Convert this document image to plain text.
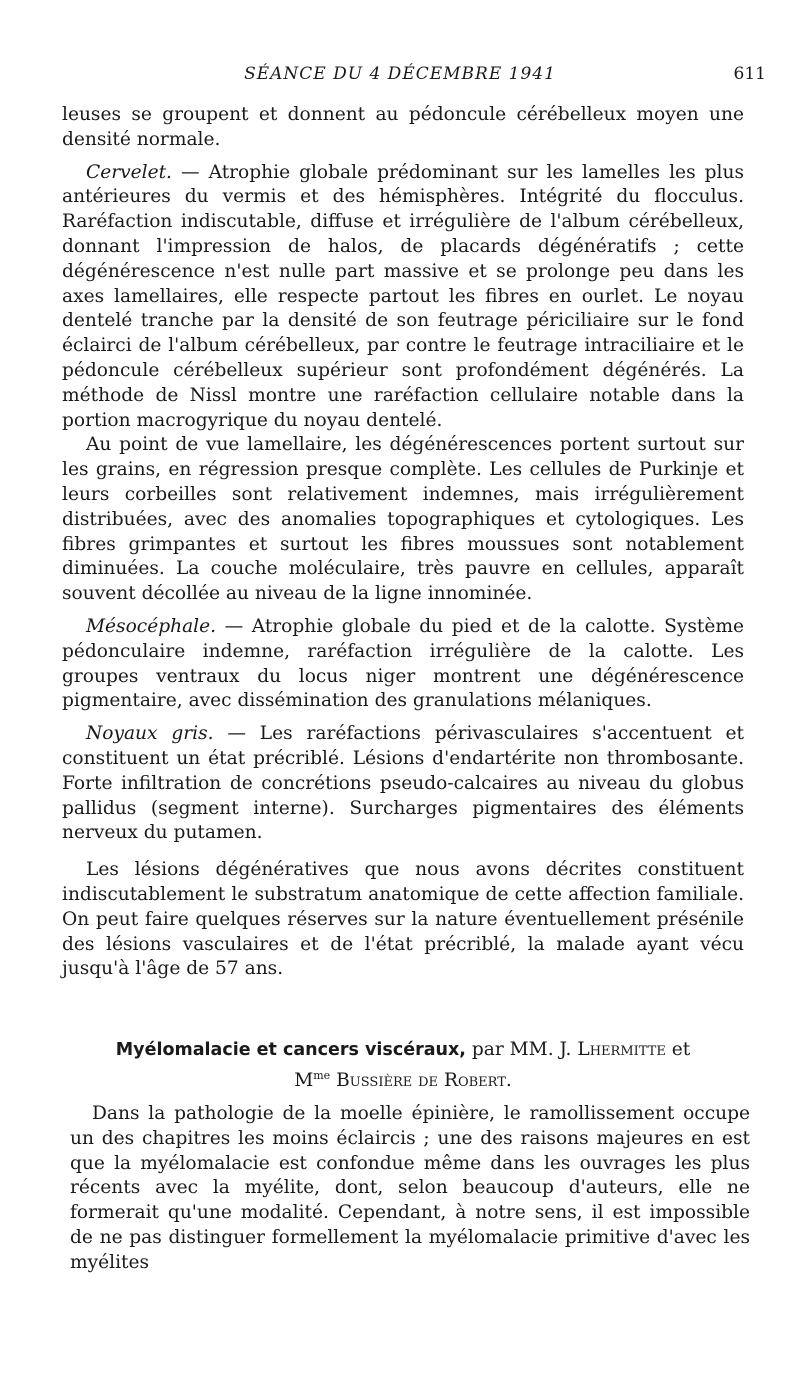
SÉANCE DU 4 DÉCEMBRE 1941	611

leuses se groupent et donnent au pédoncule cérébelleux moyen une densité normale.

Cervelet. — Atrophie globale prédominant sur les lamelles les plus antérieures du vermis et des hémisphères. Intégrité du flocculus. Raréfaction indiscutable, diffuse et irrégulière de l'album cérébelleux, donnant l'impression de halos, de placards dégénératifs ; cette dégénérescence n'est nulle part massive et se prolonge peu dans les axes lamellaires, elle respecte partout les fibres en ourlet. Le noyau dentelé tranche par la densité de son feutrage périciliaire sur le fond éclairci de l'album cérébelleux, par contre le feutrage intraciliaire et le pédoncule cérébelleux supérieur sont profondément dégénérés. La méthode de Nissl montre une raréfaction cellulaire notable dans la portion macrogyrique du noyau dentelé.

Au point de vue lamellaire, les dégénérescences portent surtout sur les grains, en régression presque complète. Les cellules de Purkinje et leurs corbeilles sont relativement indemnes, mais irrégulièrement distribuées, avec des anomalies topographiques et cytologiques. Les fibres grimpantes et surtout les fibres moussues sont notablement diminuées. La couche moléculaire, très pauvre en cellules, apparaît souvent décollée au niveau de la ligne innominée.

Mésocéphale. — Atrophie globale du pied et de la calotte. Système pédonculaire indemne, raréfaction irrégulière de la calotte. Les groupes ventraux du locus niger montrent une dégénérescence pigmentaire, avec dissémination des granulations mélaniques.

Noyaux gris. — Les raréfactions périvasculaires s'accentuent et constituent un état précriblé. Lésions d'endartérite non thrombosante. Forte infiltration de concrétions pseudo-calcaires au niveau du globus pallidus (segment interne). Surcharges pigmentaires des éléments nerveux du putamen.

Les lésions dégénératives que nous avons décrites constituent indiscutablement le substratum anatomique de cette affection familiale. On peut faire quelques réserves sur la nature éventuellement présénile des lésions vasculaires et de l'état précriblé, la malade ayant vécu jusqu'à l'âge de 57 ans.

Myélomalacie et cancers viscéraux, par MM. J. Lhermitte et
$M^{me}$ Bussière de Robert.

Dans la pathologie de la moelle épinière, le ramollissement occupe un des chapitres les moins éclaircis ; une des raisons majeures en est que la myélomalacie est confondue même dans les ouvrages les plus récents avec la myélite, dont, selon beaucoup d'auteurs, elle ne formerait qu'une modalité. Cependant, à notre sens, il est impossible de ne pas distinguer formellement la myélomalacie primitive d'avec les myélites
